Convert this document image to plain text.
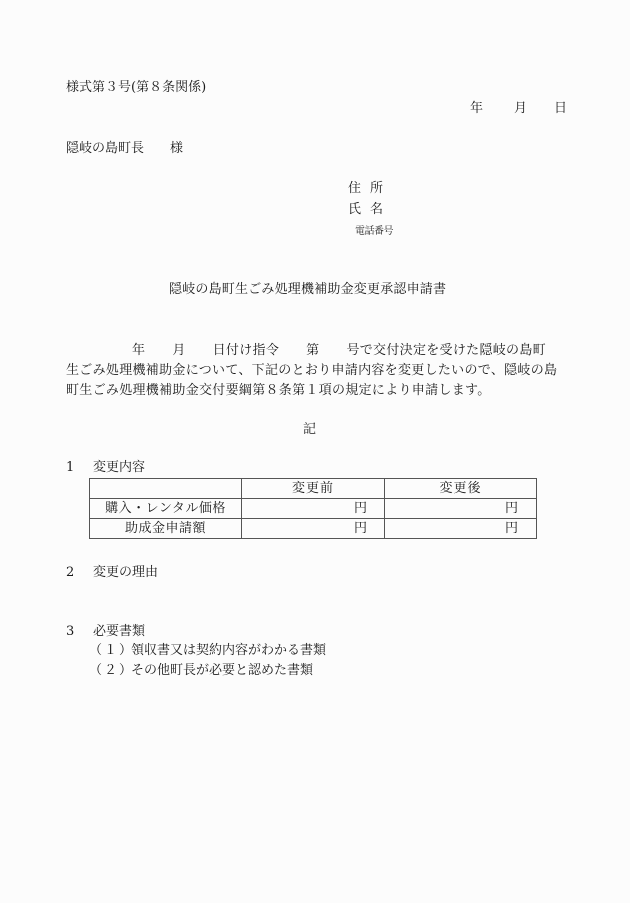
様式第３号(第８条関係)
年 月 日
隠岐の島町長 様
住 所
氏 名
電話番号
隠岐の島町生ごみ処理機補助金変更承認申請書
年 月 日付け指令 第 号で交付決定を受けた隠岐の島町
生ごみ処理機補助金について、下記のとおり申請内容を変更したいので、隠岐の島
町生ごみ処理機補助金交付要綱第８条第１項の規定により申請します。
記
1 変更内容
	変更前	変更後
購入・レンタル価格	円	円
助成金申請額	円	円
2 変更の理由
3 必要書類
（１）領収書又は契約内容がわかる書類
（２）その他町長が必要と認めた書類
